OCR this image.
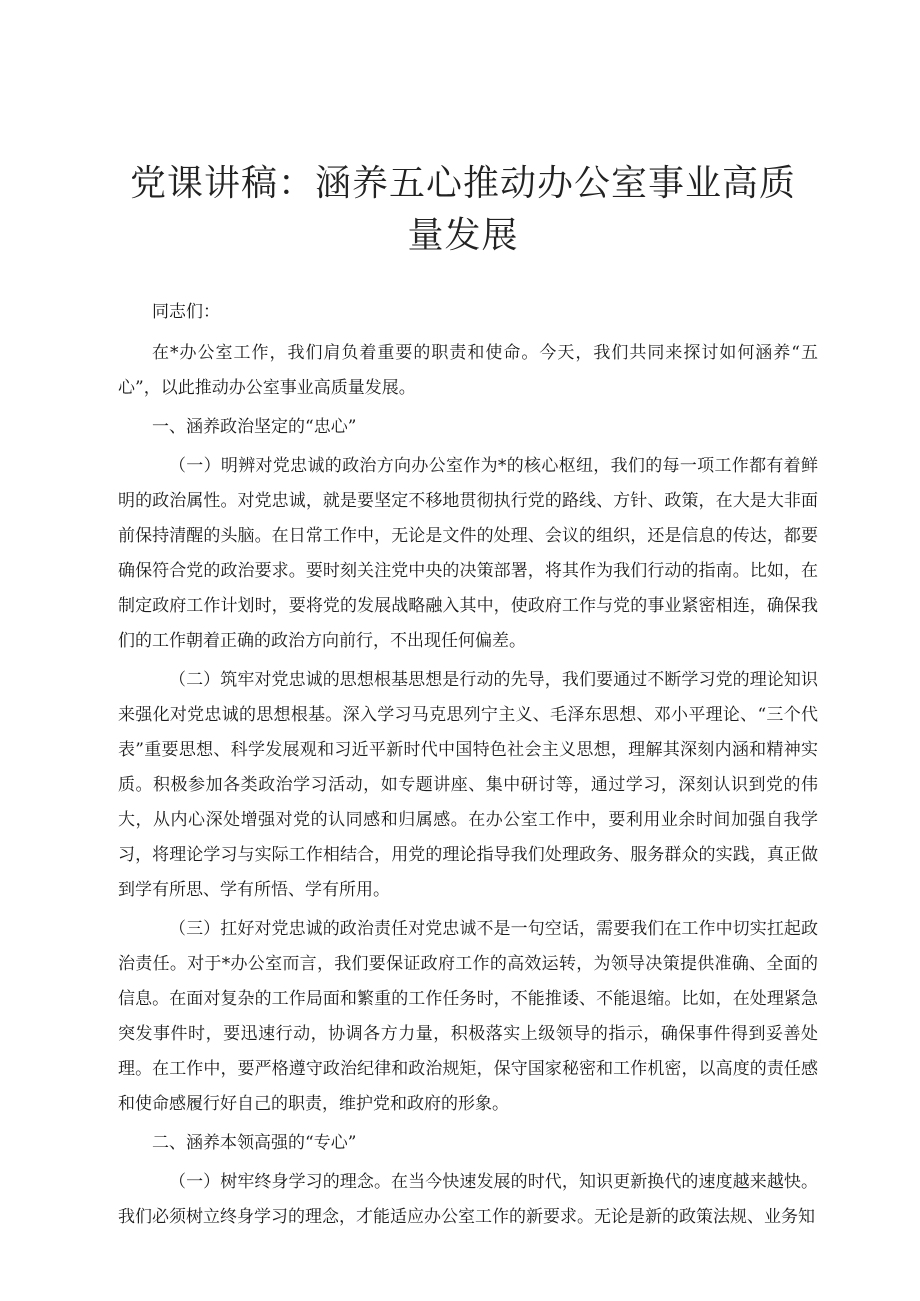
党课讲稿：涵养五心推动办公室事业高质量发展

同志们：

在*办公室工作，我们肩负着重要的职责和使命。今天，我们共同来探讨如何涵养“五心”，以此推动办公室事业高质量发展。

一、涵养政治坚定的“忠心”

（一）明辨对党忠诚的政治方向办公室作为*的核心枢纽，我们的每一项工作都有着鲜明的政治属性。对党忠诚，就是要坚定不移地贯彻执行党的路线、方针、政策，在大是大非面前保持清醒的头脑。在日常工作中，无论是文件的处理、会议的组织，还是信息的传达，都要确保符合党的政治要求。要时刻关注党中央的决策部署，将其作为我们行动的指南。比如，在制定政府工作计划时，要将党的发展战略融入其中，使政府工作与党的事业紧密相连，确保我们的工作朝着正确的政治方向前行，不出现任何偏差。

（二）筑牢对党忠诚的思想根基思想是行动的先导，我们要通过不断学习党的理论知识来强化对党忠诚的思想根基。深入学习马克思列宁主义、毛泽东思想、邓小平理论、“三个代表”重要思想、科学发展观和习近平新时代中国特色社会主义思想，理解其深刻内涵和精神实质。积极参加各类政治学习活动，如专题讲座、集中研讨等，通过学习，深刻认识到党的伟大，从内心深处增强对党的认同感和归属感。在办公室工作中，要利用业余时间加强自我学习，将理论学习与实际工作相结合，用党的理论指导我们处理政务、服务群众的实践，真正做到学有所思、学有所悟、学有所用。

（三）扛好对党忠诚的政治责任对党忠诚不是一句空话，需要我们在工作中切实扛起政治责任。对于*办公室而言，我们要保证政府工作的高效运转，为领导决策提供准确、全面的信息。在面对复杂的工作局面和繁重的工作任务时，不能推诿、不能退缩。比如，在处理紧急突发事件时，要迅速行动，协调各方力量，积极落实上级领导的指示，确保事件得到妥善处理。在工作中，要严格遵守政治纪律和政治规矩，保守国家秘密和工作机密，以高度的责任感和使命感履行好自己的职责，维护党和政府的形象。

二、涵养本领高强的“专心”

（一）树牢终身学习的理念。在当今快速发展的时代，知识更新换代的速度越来越快。我们必须树立终身学习的理念，才能适应办公室工作的新要求。无论是新的政策法规、业务知
